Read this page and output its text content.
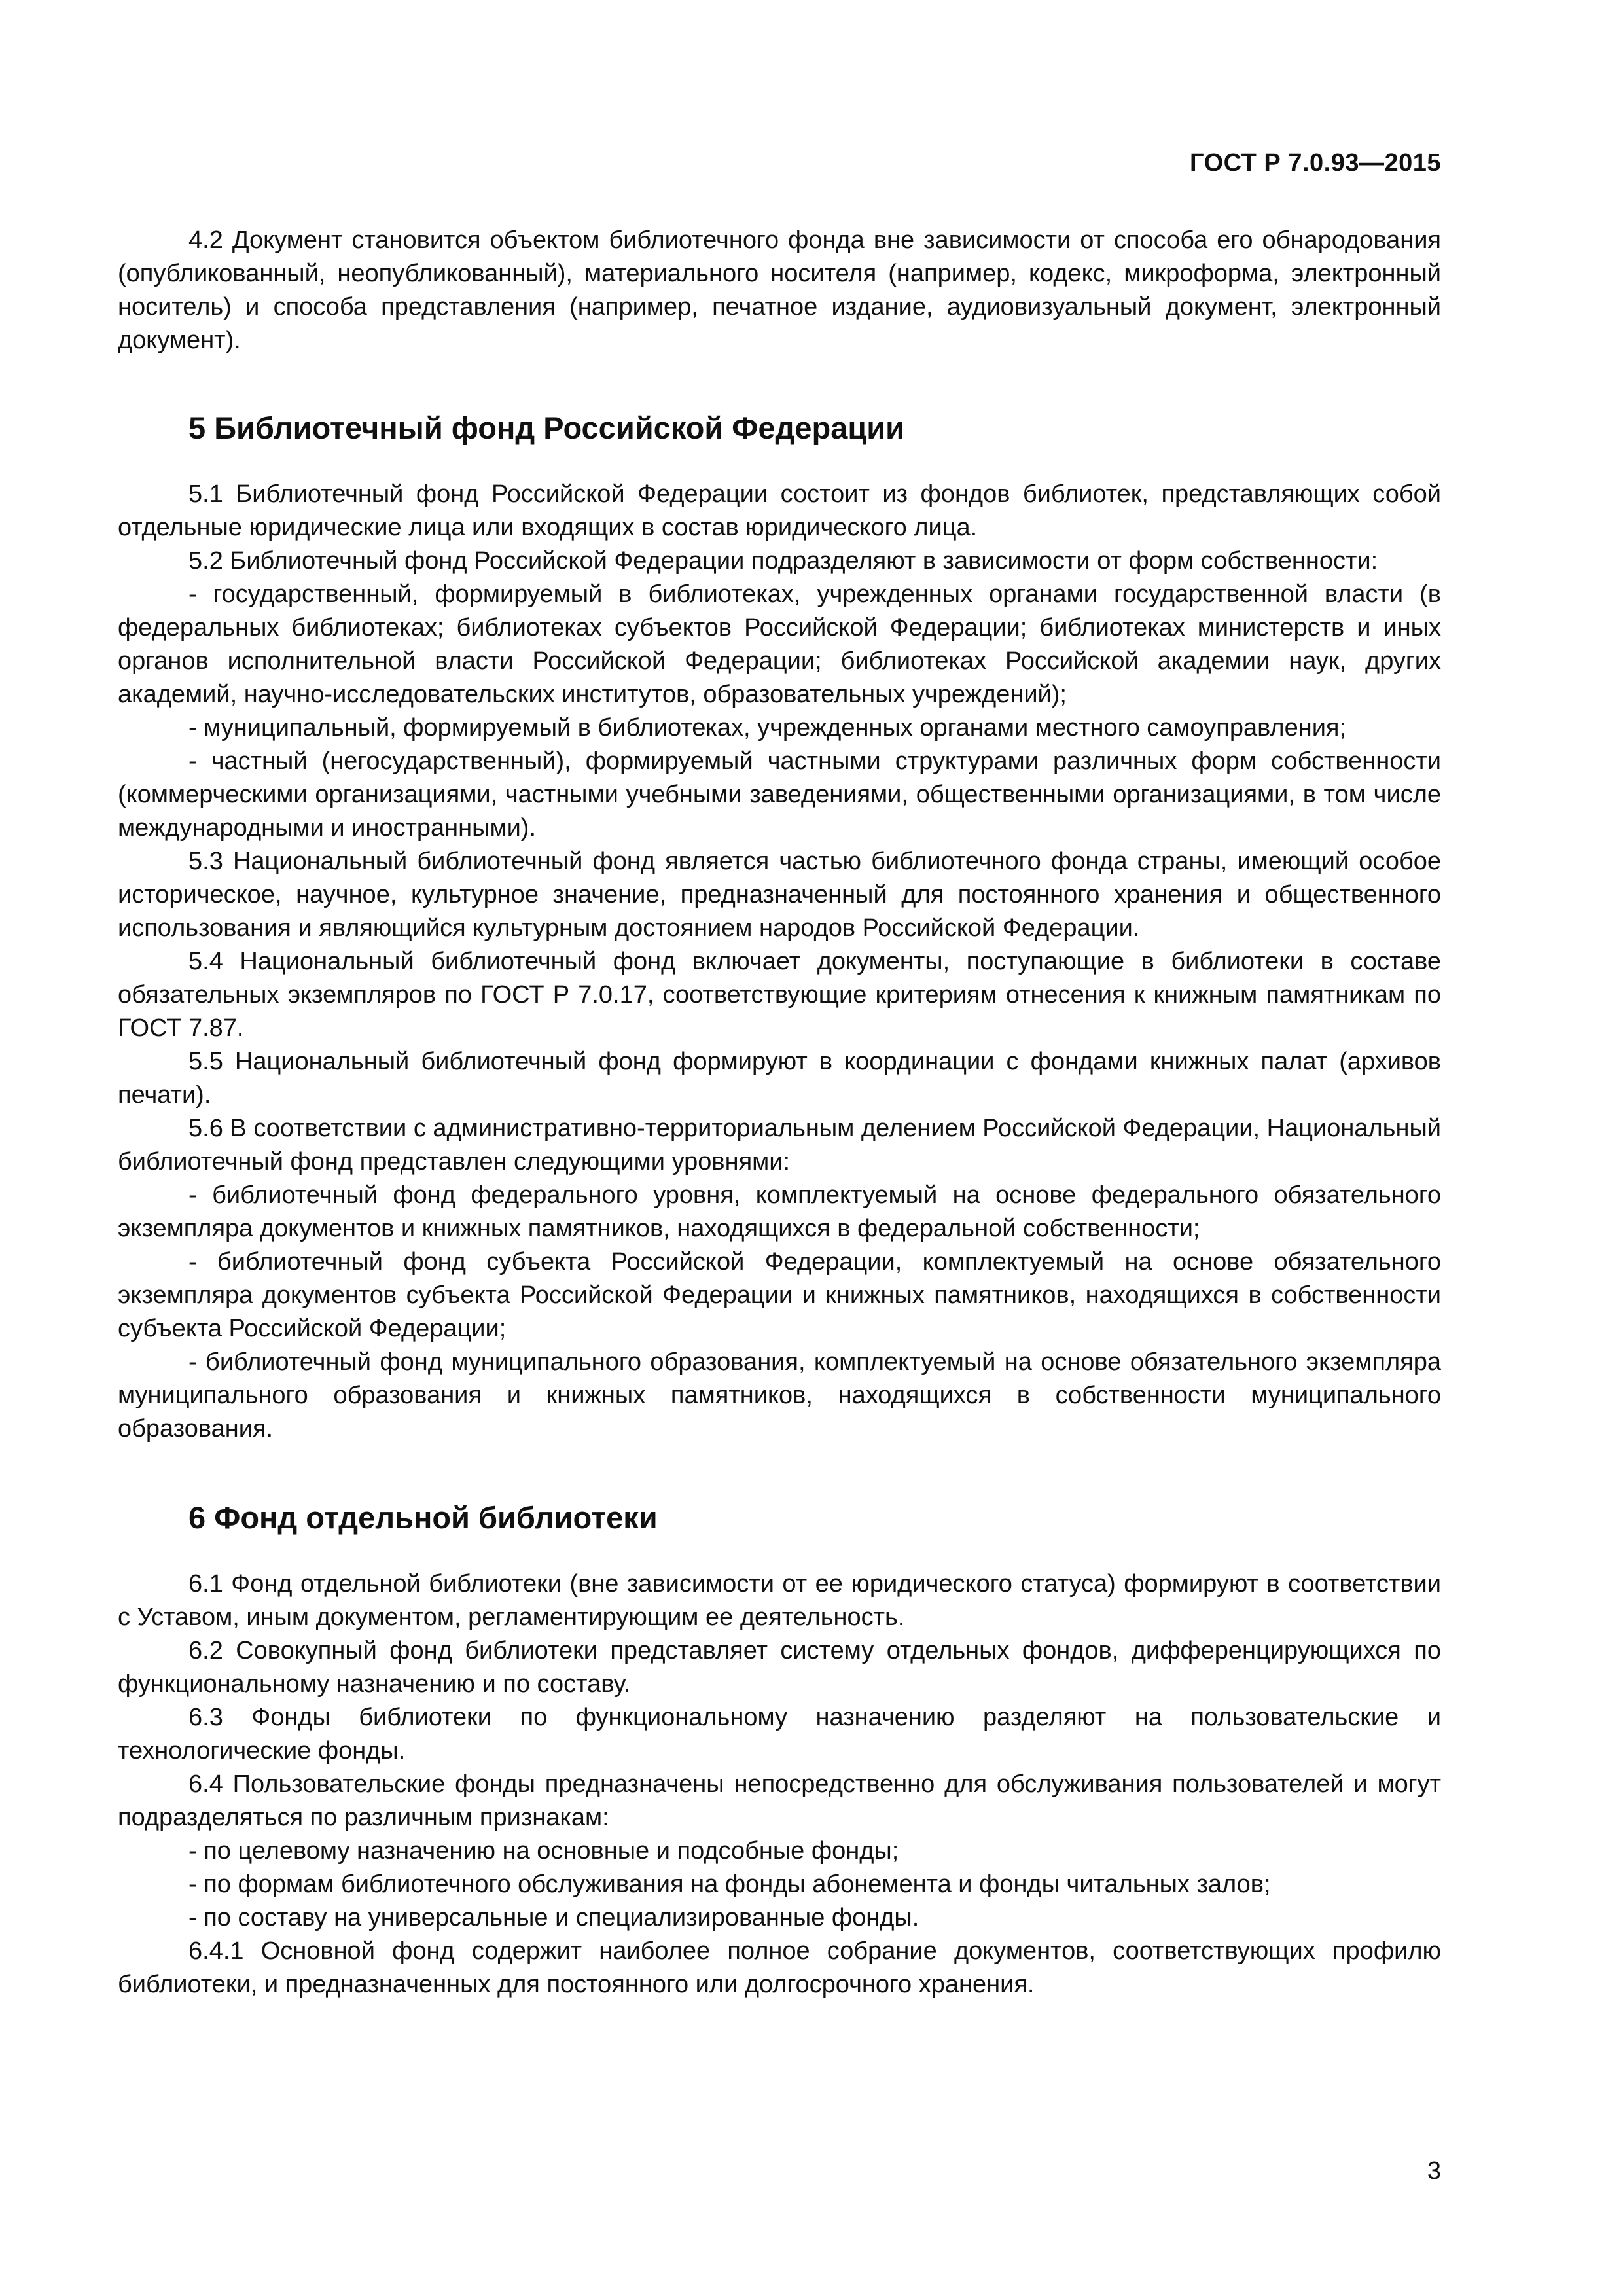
ГОСТ Р 7.0.93—2015

4.2 Документ становится объектом библиотечного фонда вне зависимости от способа его обнародования (опубликованный, неопубликованный), материального носителя (например, кодекс, микроформа, электронный носитель) и способа представления (например, печатное издание, аудиовизуальный документ, электронный документ).

5 Библиотечный фонд Российской Федерации

5.1 Библиотечный фонд Российской Федерации состоит из фондов библиотек, представляющих собой отдельные юридические лица или входящих в состав юридического лица.

5.2 Библиотечный фонд Российской Федерации подразделяют в зависимости от форм собственности:

- государственный, формируемый в библиотеках, учрежденных органами государственной власти (в федеральных библиотеках; библиотеках субъектов Российской Федерации; библиотеках министерств и иных органов исполнительной власти Российской Федерации; библиотеках Российской академии наук, других академий, научно-исследовательских институтов, образовательных учреждений);

- муниципальный, формируемый в библиотеках, учрежденных органами местного самоуправления;

- частный (негосударственный), формируемый частными структурами различных форм собственности (коммерческими организациями, частными учебными заведениями, общественными организациями, в том числе международными и иностранными).

5.3 Национальный библиотечный фонд является частью библиотечного фонда страны, имеющий особое историческое, научное, культурное значение, предназначенный для постоянного хранения и общественного использования и являющийся культурным достоянием народов Российской Федерации.

5.4 Национальный библиотечный фонд включает документы, поступающие в библиотеки в составе обязательных экземпляров по ГОСТ Р 7.0.17, соответствующие критериям отнесения к книжным памятникам по ГОСТ 7.87.

5.5 Национальный библиотечный фонд формируют в координации с фондами книжных палат (архивов печати).

5.6 В соответствии с административно-территориальным делением Российской Федерации, Национальный библиотечный фонд представлен следующими уровнями:

- библиотечный фонд федерального уровня, комплектуемый на основе федерального обязательного экземпляра документов и книжных памятников, находящихся в федеральной собственности;

- библиотечный фонд субъекта Российской Федерации, комплектуемый на основе обязательного экземпляра документов субъекта Российской Федерации и книжных памятников, находящихся в собственности субъекта Российской Федерации;

- библиотечный фонд муниципального образования, комплектуемый на основе обязательного экземпляра муниципального образования и книжных памятников, находящихся в собственности муниципального образования.

6 Фонд отдельной библиотеки

6.1 Фонд отдельной библиотеки (вне зависимости от ее юридического статуса) формируют в соответствии с Уставом, иным документом, регламентирующим ее деятельность.

6.2 Совокупный фонд библиотеки представляет систему отдельных фондов, дифференцирующихся по функциональному назначению и по составу.

6.3 Фонды библиотеки по функциональному назначению разделяют на пользовательские и технологические фонды.

6.4 Пользовательские фонды предназначены непосредственно для обслуживания пользователей и могут подразделяться по различным признакам:

- по целевому назначению на основные и подсобные фонды;

- по формам библиотечного обслуживания на фонды абонемента и фонды читальных залов;

- по составу на универсальные и специализированные фонды.

6.4.1 Основной фонд содержит наиболее полное собрание документов, соответствующих профилю библиотеки, и предназначенных для постоянного или долгосрочного хранения.

3
